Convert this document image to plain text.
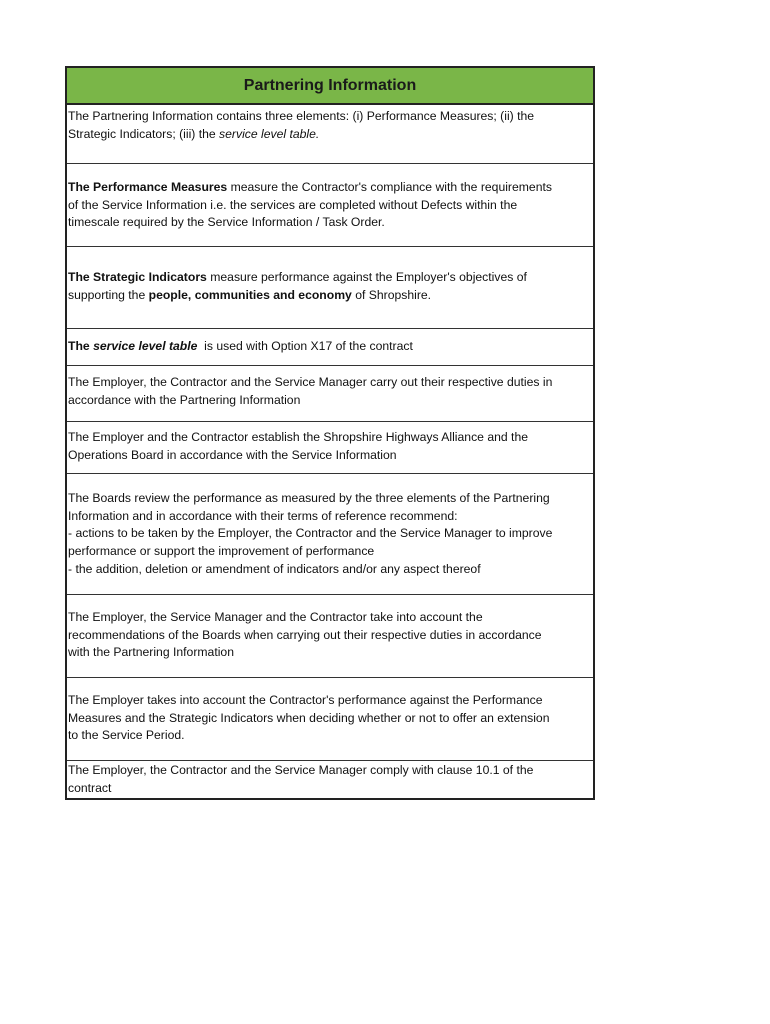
Partnering Information
The Partnering Information contains three elements: (i) Performance Measures; (ii) the
Strategic Indicators; (iii) the service level table.
The Performance Measures measure the Contractor's compliance with the requirements
of the Service Information i.e. the services are completed without Defects within the
timescale required by the Service Information / Task Order.
The Strategic Indicators measure performance against the Employer's objectives of
supporting the people, communities and economy of Shropshire.
The service level table  is used with Option X17 of the contract
The Employer, the Contractor and the Service Manager carry out their respective duties in
accordance with the Partnering Information
The Employer and the Contractor establish the Shropshire Highways Alliance and the
Operations Board in accordance with the Service Information
The Boards review the performance as measured by the three elements of the Partnering
Information and in accordance with their terms of reference recommend:
- actions to be taken by the Employer, the Contractor and the Service Manager to improve
performance or support the improvement of performance
- the addition, deletion or amendment of indicators and/or any aspect thereof
The Employer, the Service Manager and the Contractor take into account the
recommendations of the Boards when carrying out their respective duties in accordance
with the Partnering Information
The Employer takes into account the Contractor's performance against the Performance
Measures and the Strategic Indicators when deciding whether or not to offer an extension
to the Service Period.
The Employer, the Contractor and the Service Manager comply with clause 10.1 of the
contract
